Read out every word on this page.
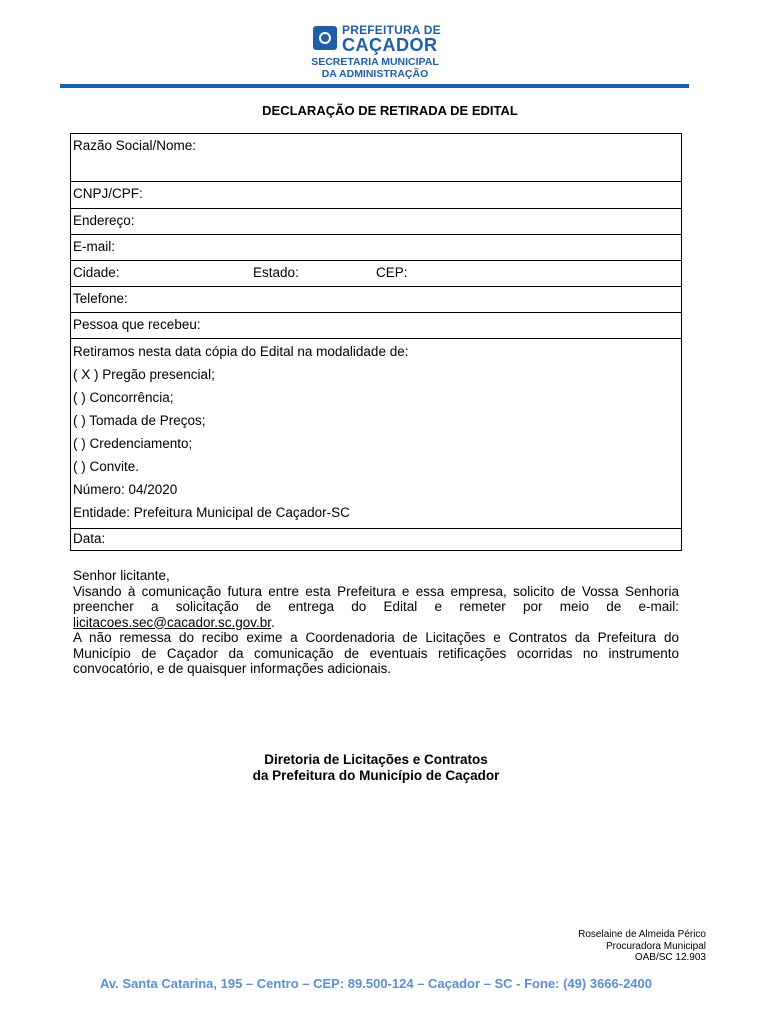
PREFEITURA DE
CAÇADOR
SECRETARIA MUNICIPAL
DA ADMINISTRAÇÃO
DECLARAÇÃO DE RETIRADA DE EDITAL
Razão Social/Nome:
CNPJ/CPF:
Endereço:
E-mail:
Cidade:	Estado:	CEP:
Telefone:
Pessoa que recebeu:
Retiramos nesta data cópia do Edital na modalidade de:
( X ) Pregão presencial;
( ) Concorrência;
( ) Tomada de Preços;
( ) Credenciamento;
( ) Convite.
Número: 04/2020
Entidade: Prefeitura Municipal de Caçador-SC
Data:

Senhor licitante,

Visando à comunicação futura entre esta Prefeitura e essa empresa, solicito de Vossa Senhoria preencher a solicitação de entrega do Edital e remeter por meio de e-mail: licitacoes.sec@cacador.sc.gov.br.

A não remessa do recibo exime a Coordenadoria de Licitações e Contratos da Prefeitura do Município de Caçador da comunicação de eventuais retificações ocorridas no instrumento convocatório, e de quaisquer informações adicionais.

Diretoria de Licitações e Contratos
da Prefeitura do Município de Caçador
Roselaine de Almeida Périco
Procuradora Municipal
OAB/SC 12.903
Av. Santa Catarina, 195 – Centro – CEP: 89.500-124 – Caçador – SC - Fone: (49) 3666-2400
